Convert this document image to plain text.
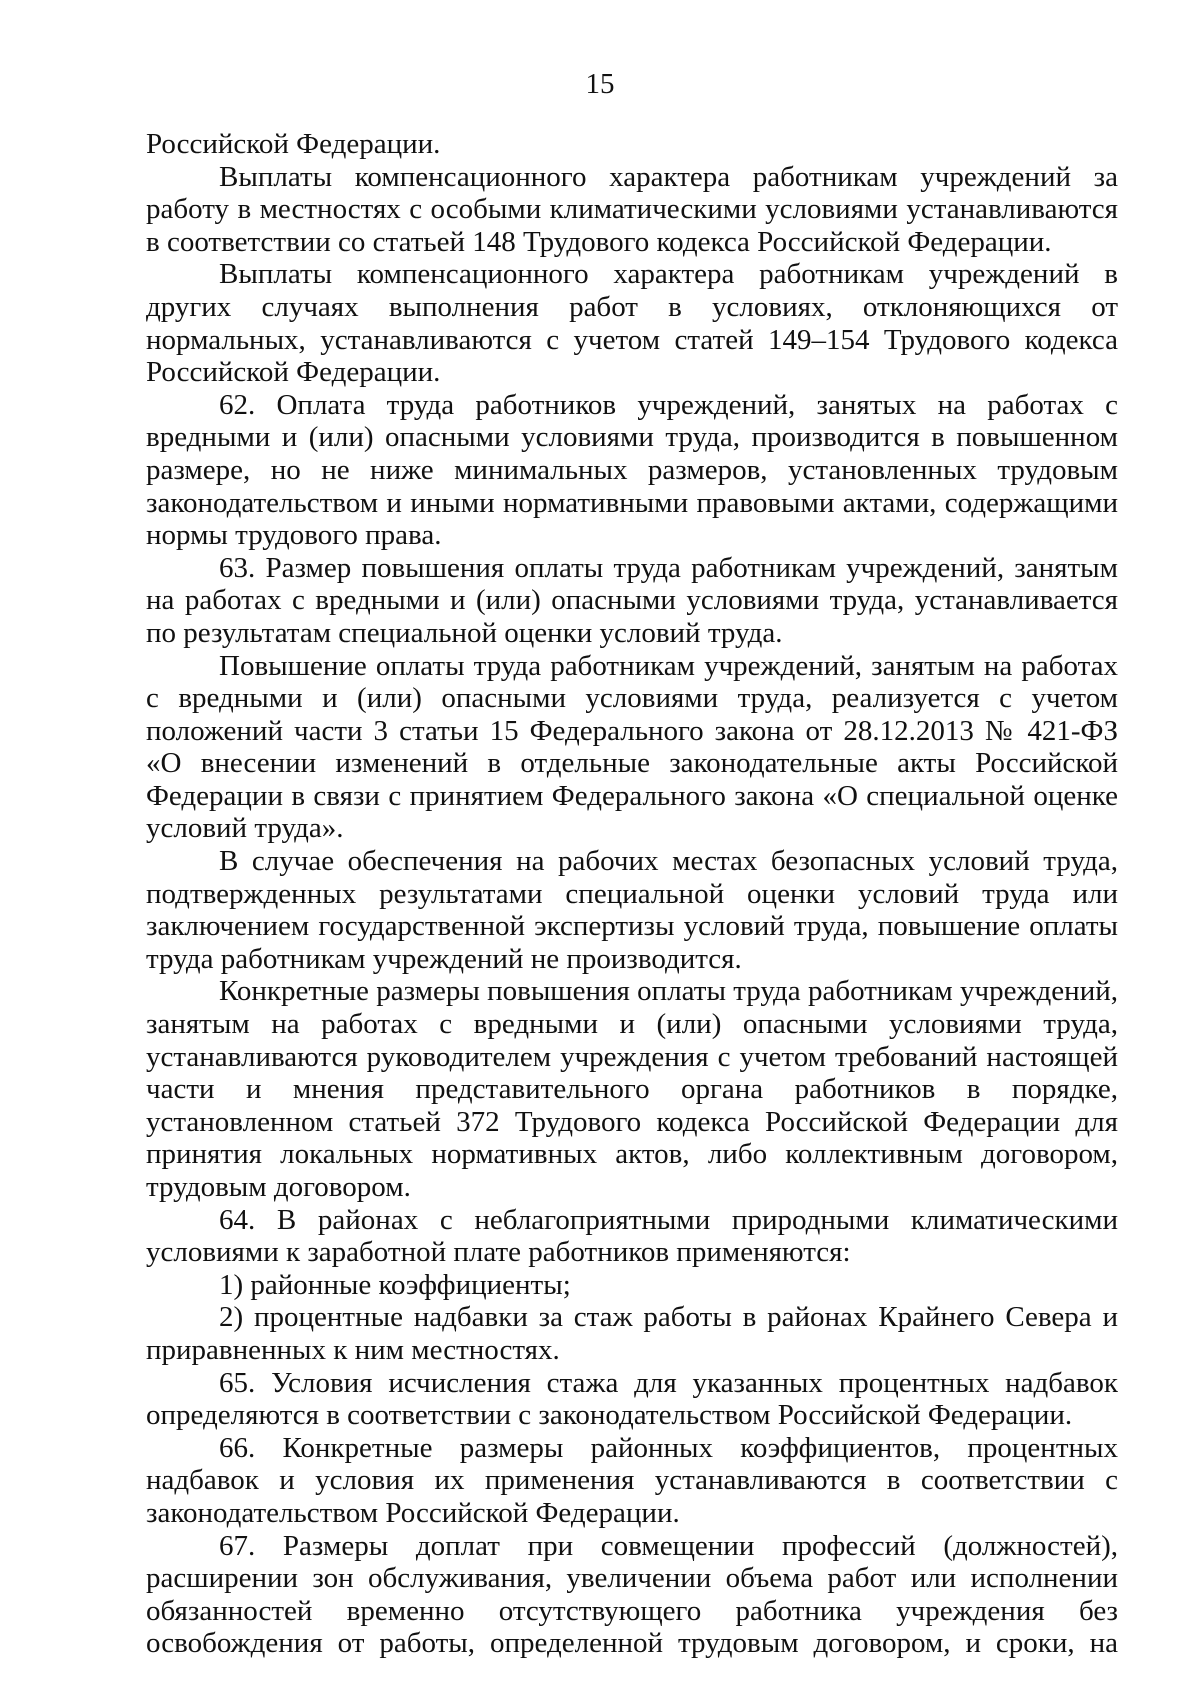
15

Российской Федерации.

Выплаты компенсационного характера работникам учреждений за работу в местностях с особыми климатическими условиями устанавливаются в соответствии со статьей 148 Трудового кодекса Российской Федерации.

Выплаты компенсационного характера работникам учреждений в других случаях выполнения работ в условиях, отклоняющихся от нормальных, устанавливаются с учетом статей 149–154 Трудового кодекса Российской Федерации.

62. Оплата труда работников учреждений, занятых на работах с вредными и (или) опасными условиями труда, производится в повышенном размере, но не ниже минимальных размеров, установленных трудовым законодательством и иными нормативными правовыми актами, содержащими нормы трудового права.

63. Размер повышения оплаты труда работникам учреждений, занятым на работах с вредными и (или) опасными условиями труда, устанавливается по результатам специальной оценки условий труда.

Повышение оплаты труда работникам учреждений, занятым на работах с вредными и (или) опасными условиями труда, реализуется с учетом положений части 3 статьи 15 Федерального закона от 28.12.2013 № 421-ФЗ «О внесении изменений в отдельные законодательные акты Российской Федерации в связи с принятием Федерального закона «О специальной оценке условий труда».

В случае обеспечения на рабочих местах безопасных условий труда, подтвержденных результатами специальной оценки условий труда или заключением государственной экспертизы условий труда, повышение оплаты труда работникам учреждений не производится.

Конкретные размеры повышения оплаты труда работникам учреждений, занятым на работах с вредными и (или) опасными условиями труда, устанавливаются руководителем учреждения с учетом требований настоящей части и мнения представительного органа работников в порядке, установленном статьей 372 Трудового кодекса Российской Федерации для принятия локальных нормативных актов, либо коллективным договором, трудовым договором.

64. В районах с неблагоприятными природными климатическими условиями к заработной плате работников применяются:

1) районные коэффициенты;

2) процентные надбавки за стаж работы в районах Крайнего Севера и приравненных к ним местностях.

65. Условия исчисления стажа для указанных процентных надбавок определяются в соответствии с законодательством Российской Федерации.

66. Конкретные размеры районных коэффициентов, процентных надбавок и условия их применения устанавливаются в соответствии с законодательством Российской Федерации.

67. Размеры доплат при совмещении профессий (должностей), расширении зон обслуживания, увеличении объема работ или исполнении обязанностей временно отсутствующего работника учреждения без освобождения от работы, определенной трудовым договором, и сроки, на
